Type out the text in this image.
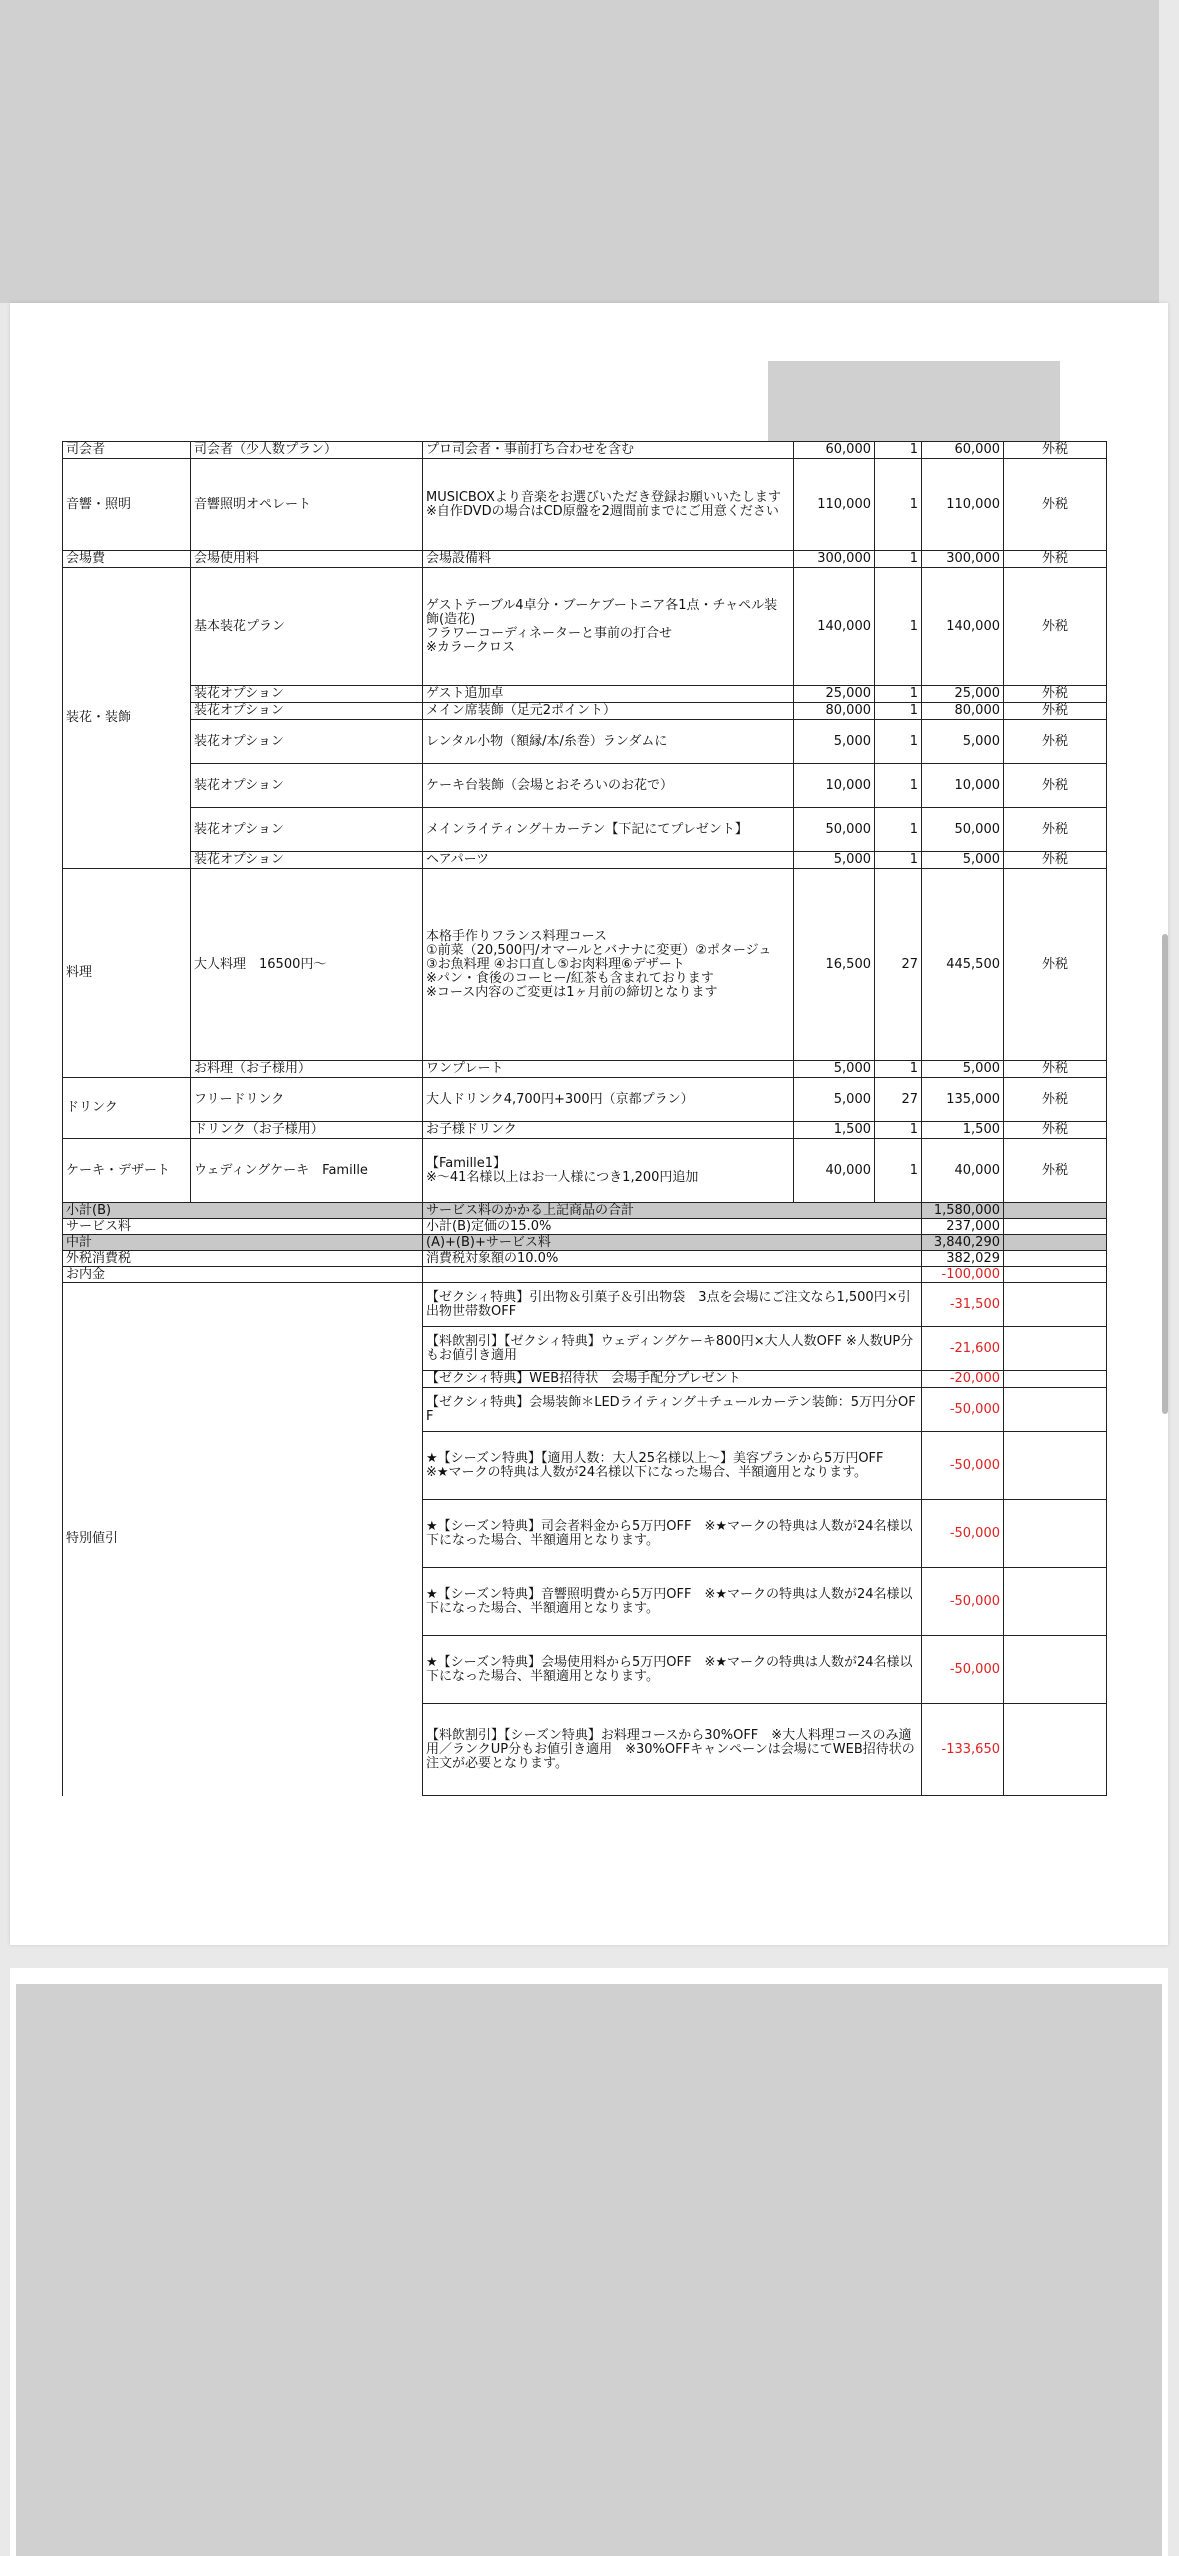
司会者	司会者（少人数プラン）	プロ司会者・事前打ち合わせを含む	60,000	1	60,000	外税
音響・照明	音響照明オペレート	MUSICBOXより音楽をお選びいただき登録お願いいたします
※自作DVDの場合はCD原盤を2週間前までにご用意ください	110,000	1	110,000	外税
会場費	会場使用料	会場設備料	300,000	1	300,000	外税
装花・装飾	基本装花プラン	ゲストテーブル4卓分・ブーケブートニア各1点・チャペル装飾(造花)
フラワーコーディネーターと事前の打合せ
※カラークロス	140,000	1	140,000	外税
	装花オプション	ゲスト追加卓	25,000	1	25,000	外税
	装花オプション	メイン席装飾（足元2ポイント）	80,000	1	80,000	外税
	装花オプション	レンタル小物（額縁/本/糸巻）ランダムに	5,000	1	5,000	外税
	装花オプション	ケーキ台装飾（会場とおそろいのお花で）	10,000	1	10,000	外税
	装花オプション	メインライティング＋カーテン【下記にてプレゼント】	50,000	1	50,000	外税
	装花オプション	ヘアパーツ	5,000	1	5,000	外税
料理	大人料理　16500円〜	本格手作りフランス料理コース
①前菜（20,500円/オマールとバナナに変更）②ポタージュ
③お魚料理 ④お口直し⑤お肉料理⑥デザート
※パン・食後のコーヒー/紅茶も含まれております
※コース内容のご変更は1ヶ月前の締切となります	16,500	27	445,500	外税
	お料理（お子様用）	ワンプレート	5,000	1	5,000	外税
ドリンク	フリードリンク	大人ドリンク4,700円+300円（京都プラン）	5,000	27	135,000	外税
	ドリンク（お子様用）	お子様ドリンク	1,500	1	1,500	外税
ケーキ・デザート	ウェディングケーキ　Famille	【Famille1】
※〜41名様以上はお一人様につき1,200円追加	40,000	1	40,000	外税
小計(B)		サービス料のかかる上記商品の合計			1,580,000	
サービス料		小計(B)定価の15.0%			237,000	
中計		(A)+(B)+サービス料			3,840,290	
外税消費税		消費税対象額の10.0%			382,029	
お内金					-100,000	
特別値引		【ゼクシィ特典】引出物＆引菓子＆引出物袋　3点を会場にご注文なら1,500円×引出物世帯数OFF			-31,500	
		【料飲割引】【ゼクシィ特典】ウェディングケーキ800円×大人人数OFF ※人数UP分もお値引き適用			-21,600	
		【ゼクシィ特典】WEB招待状　会場手配分プレゼント			-20,000	
		【ゼクシィ特典】会場装飾＊LEDライティング＋チュールカーテン装飾：5万円分OFF			-50,000	
		★【シーズン特典】【適用人数：大人25名様以上〜】美容プランから5万円OFF
※★マークの特典は人数が24名様以下になった場合、半額適用となります。			-50,000	
		★【シーズン特典】司会者料金から5万円OFF　※★マークの特典は人数が24名様以下になった場合、半額適用となります。			-50,000	
		★【シーズン特典】音響照明費から5万円OFF　※★マークの特典は人数が24名様以下になった場合、半額適用となります。			-50,000	
		★【シーズン特典】会場使用料から5万円OFF　※★マークの特典は人数が24名様以下になった場合、半額適用となります。			-50,000	
		【料飲割引】【シーズン特典】お料理コースから30%OFF　※大人料理コースのみ適用／ランクUP分もお値引き適用　※30%OFFキャンペーンは会場にてWEB招待状の注文が必要となります。			-133,650	
